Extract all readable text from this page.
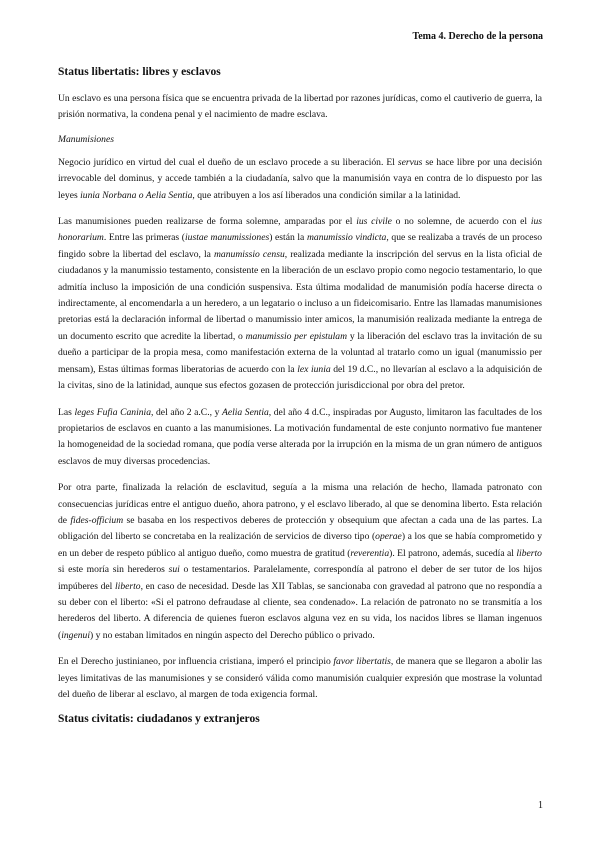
Tema 4. Derecho de la persona
Status libertatis: libres y esclavos

Un esclavo es una persona física que se encuentra privada de la libertad por razones jurídicas, como el cautiverio de guerra, la prisión normativa, la condena penal y el nacimiento de madre esclava.

Manumisiones

Negocio jurídico en virtud del cual el dueño de un esclavo procede a su liberación. El servus se hace libre por una decisión irrevocable del dominus, y accede también a la ciudadanía, salvo que la manumisión vaya en contra de lo dispuesto por las leyes iunia Norbana o Aelia Sentia, que atribuyen a los así liberados una condición similar a la latinidad.

Las manumisiones pueden realizarse de forma solemne, amparadas por el ius civile o no solemne, de acuerdo con el ius honorarium. Entre las primeras (iustae manumissiones) están la manumissio vindicta, que se realizaba a través de un proceso fingido sobre la libertad del esclavo, la manumissio censu, realizada mediante la inscripción del servus en la lista oficial de ciudadanos y la manumissio testamento, consistente en la liberación de un esclavo propio como negocio testamentario, lo que admitía incluso la imposición de una condición suspensiva. Esta última modalidad de manumisión podía hacerse directa o indirectamente, al encomendarla a un heredero, a un legatario o incluso a un fideicomisario. Entre las llamadas manumisiones pretorias está la declaración informal de libertad o manumissio inter amicos, la manumisión realizada mediante la entrega de un documento escrito que acredite la libertad, o manumissio per epistulam y la liberación del esclavo tras la invitación de su dueño a participar de la propia mesa, como manifestación externa de la voluntad al tratarlo como un igual (manumissio per mensam), Estas últimas formas liberatorias de acuerdo con la lex iunia del 19 d.C., no llevarían al esclavo a la adquisición de la civitas, sino de la latinidad, aunque sus efectos gozasen de protección jurisdiccional por obra del pretor.

Las leges Fufia Caninia, del año 2 a.C., y Aelia Sentia, del año 4 d.C., inspiradas por Augusto, limitaron las facultades de los propietarios de esclavos en cuanto a las manumisiones. La motivación fundamental de este conjunto normativo fue mantener la homogeneidad de la sociedad romana, que podía verse alterada por la irrupción en la misma de un gran número de antiguos esclavos de muy diversas procedencias.

Por otra parte, finalizada la relación de esclavitud, seguía a la misma una relación de hecho, llamada patronato con consecuencias jurídicas entre el antiguo dueño, ahora patrono, y el esclavo liberado, al que se denomina liberto. Esta relación de fides-officium se basaba en los respectivos deberes de protección y obsequium que afectan a cada una de las partes. La obligación del liberto se concretaba en la realización de servicios de diverso tipo (operae) a los que se había comprometido y en un deber de respeto público al antiguo dueño, como muestra de gratitud (reverentia). El patrono, además, sucedía al liberto si este moría sin herederos sui o testamentarios. Paralelamente, correspondía al patrono el deber de ser tutor de los hijos impúberes del liberto, en caso de necesidad. Desde las XII Tablas, se sancionaba con gravedad al patrono que no respondía a su deber con el liberto: «Si el patrono defraudase al cliente, sea condenado». La relación de patronato no se transmitía a los herederos del liberto. A diferencia de quienes fueron esclavos alguna vez en su vida, los nacidos libres se llaman ingenuos (ingenui) y no estaban limitados en ningún aspecto del Derecho público o privado.

En el Derecho justinianeo, por influencia cristiana, imperó el principio favor libertatis, de manera que se llegaron a abolir las leyes limitativas de las manumisiones y se consideró válida como manumisión cualquier expresión que mostrase la voluntad del dueño de liberar al esclavo, al margen de toda exigencia formal.

Status civitatis: ciudadanos y extranjeros
1
